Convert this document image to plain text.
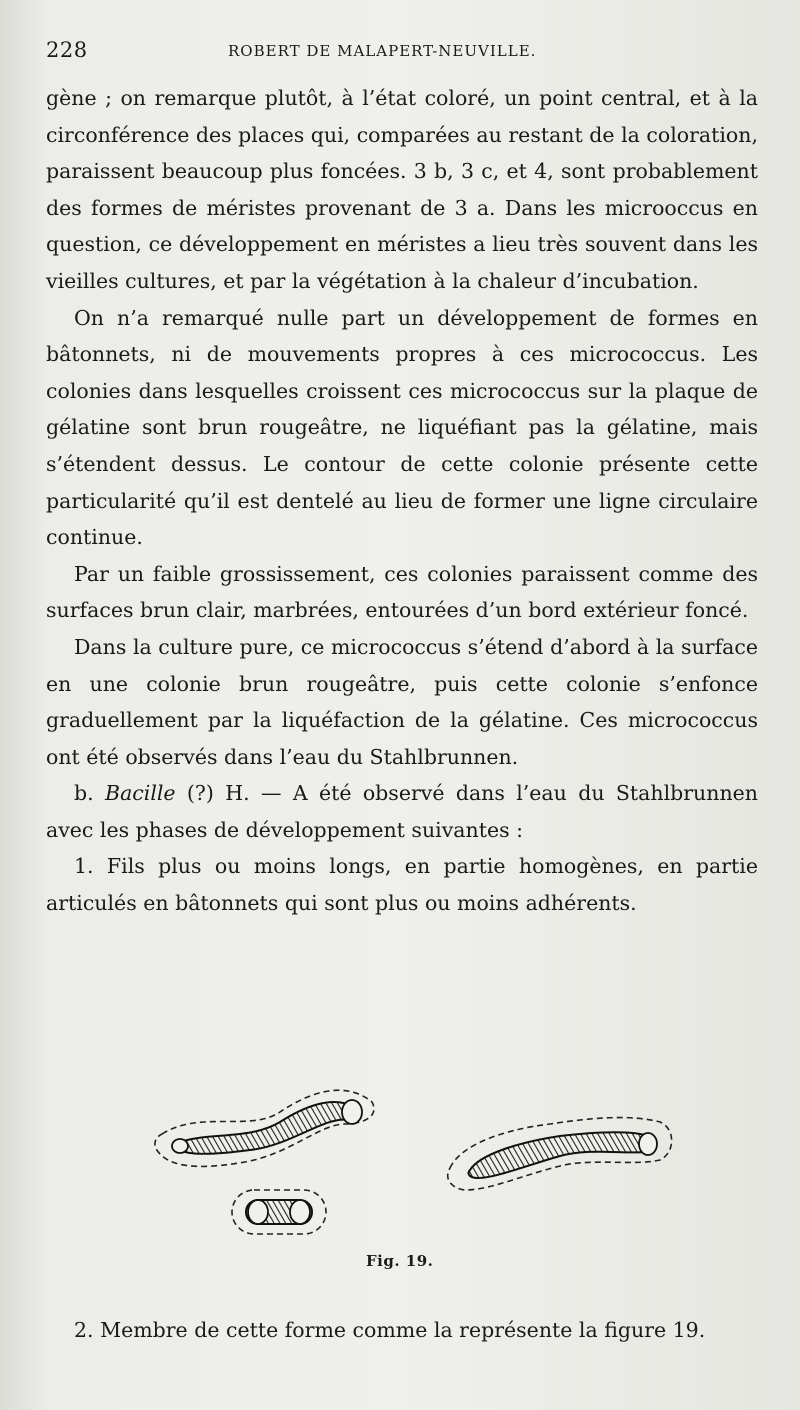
228	ROBERT DE MALAPERT-NEUVILLE.

gène ; on remarque plutôt, à l’état coloré, un point central, et à la circonférence des places qui, comparées au restant de la coloration, paraissent beaucoup plus foncées. 3 b, 3 c, et 4, sont probablement des formes de méristes provenant de 3 a. Dans les microoccus en question, ce développement en méristes a lieu très souvent dans les vieilles cultures, et par la végétation à la chaleur d’incubation.

On n’a remarqué nulle part un développement de formes en bâtonnets, ni de mouvements propres à ces micrococcus. Les colonies dans lesquelles croissent ces micrococcus sur la plaque de gélatine sont brun rougeâtre, ne liquéfiant pas la gélatine, mais s’étendent dessus. Le contour de cette colonie présente cette particularité qu’il est dentelé au lieu de former une ligne circulaire continue.

Par un faible grossissement, ces colonies paraissent comme des surfaces brun clair, marbrées, entourées d’un bord extérieur foncé.

Dans la culture pure, ce micrococcus s’étend d’abord à la surface en une colonie brun rougeâtre, puis cette colonie s’enfonce graduellement par la liquéfaction de la gélatine. Ces micrococcus ont été observés dans l’eau du Stahlbrunnen.

b. Bacille (?) H. — A été observé dans l’eau du Stahlbrunnen avec les phases de développement suivantes :

1. Fils plus ou moins longs, en partie homogènes, en partie articulés en bâtonnets qui sont plus ou moins adhérents.

Fig. 19.

2. Membre de cette forme comme la représente la figure 19.
